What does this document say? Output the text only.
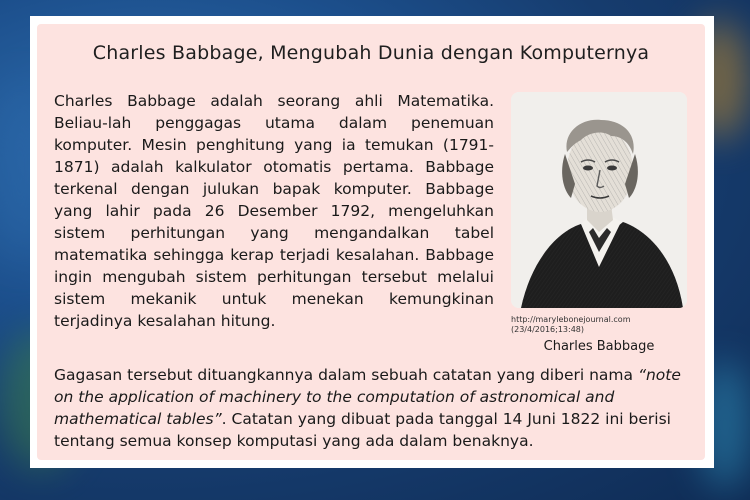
Charles Babbage, Mengubah Dunia dengan Komputernya

Charles Babbage adalah seorang ahli Matematika. Beliau-lah penggagas utama dalam penemuan komputer. Mesin penghitung yang ia temukan (1791-1871) adalah kalkulator otomatis pertama. Babbage terkenal dengan julukan bapak komputer. Babbage yang lahir pada 26 Desember 1792, mengeluhkan sistem perhitungan yang mengandalkan tabel matematika sehingga kerap terjadi kesalahan. Babbage ingin mengubah sistem perhitungan tersebut melalui sistem mekanik untuk menekan kemungkinan terjadinya kesalahan hitung.	http://marylebonejournal.com
(23/4/2016;13:48)
Charles Babbage

Gagasan tersebut dituangkannya dalam sebuah catatan yang diberi nama “note on the application of machinery to the computation of astronomical and mathematical tables”. Catatan yang dibuat pada tanggal 14 Juni 1822 ini berisi tentang semua konsep komputasi yang ada dalam benaknya.
